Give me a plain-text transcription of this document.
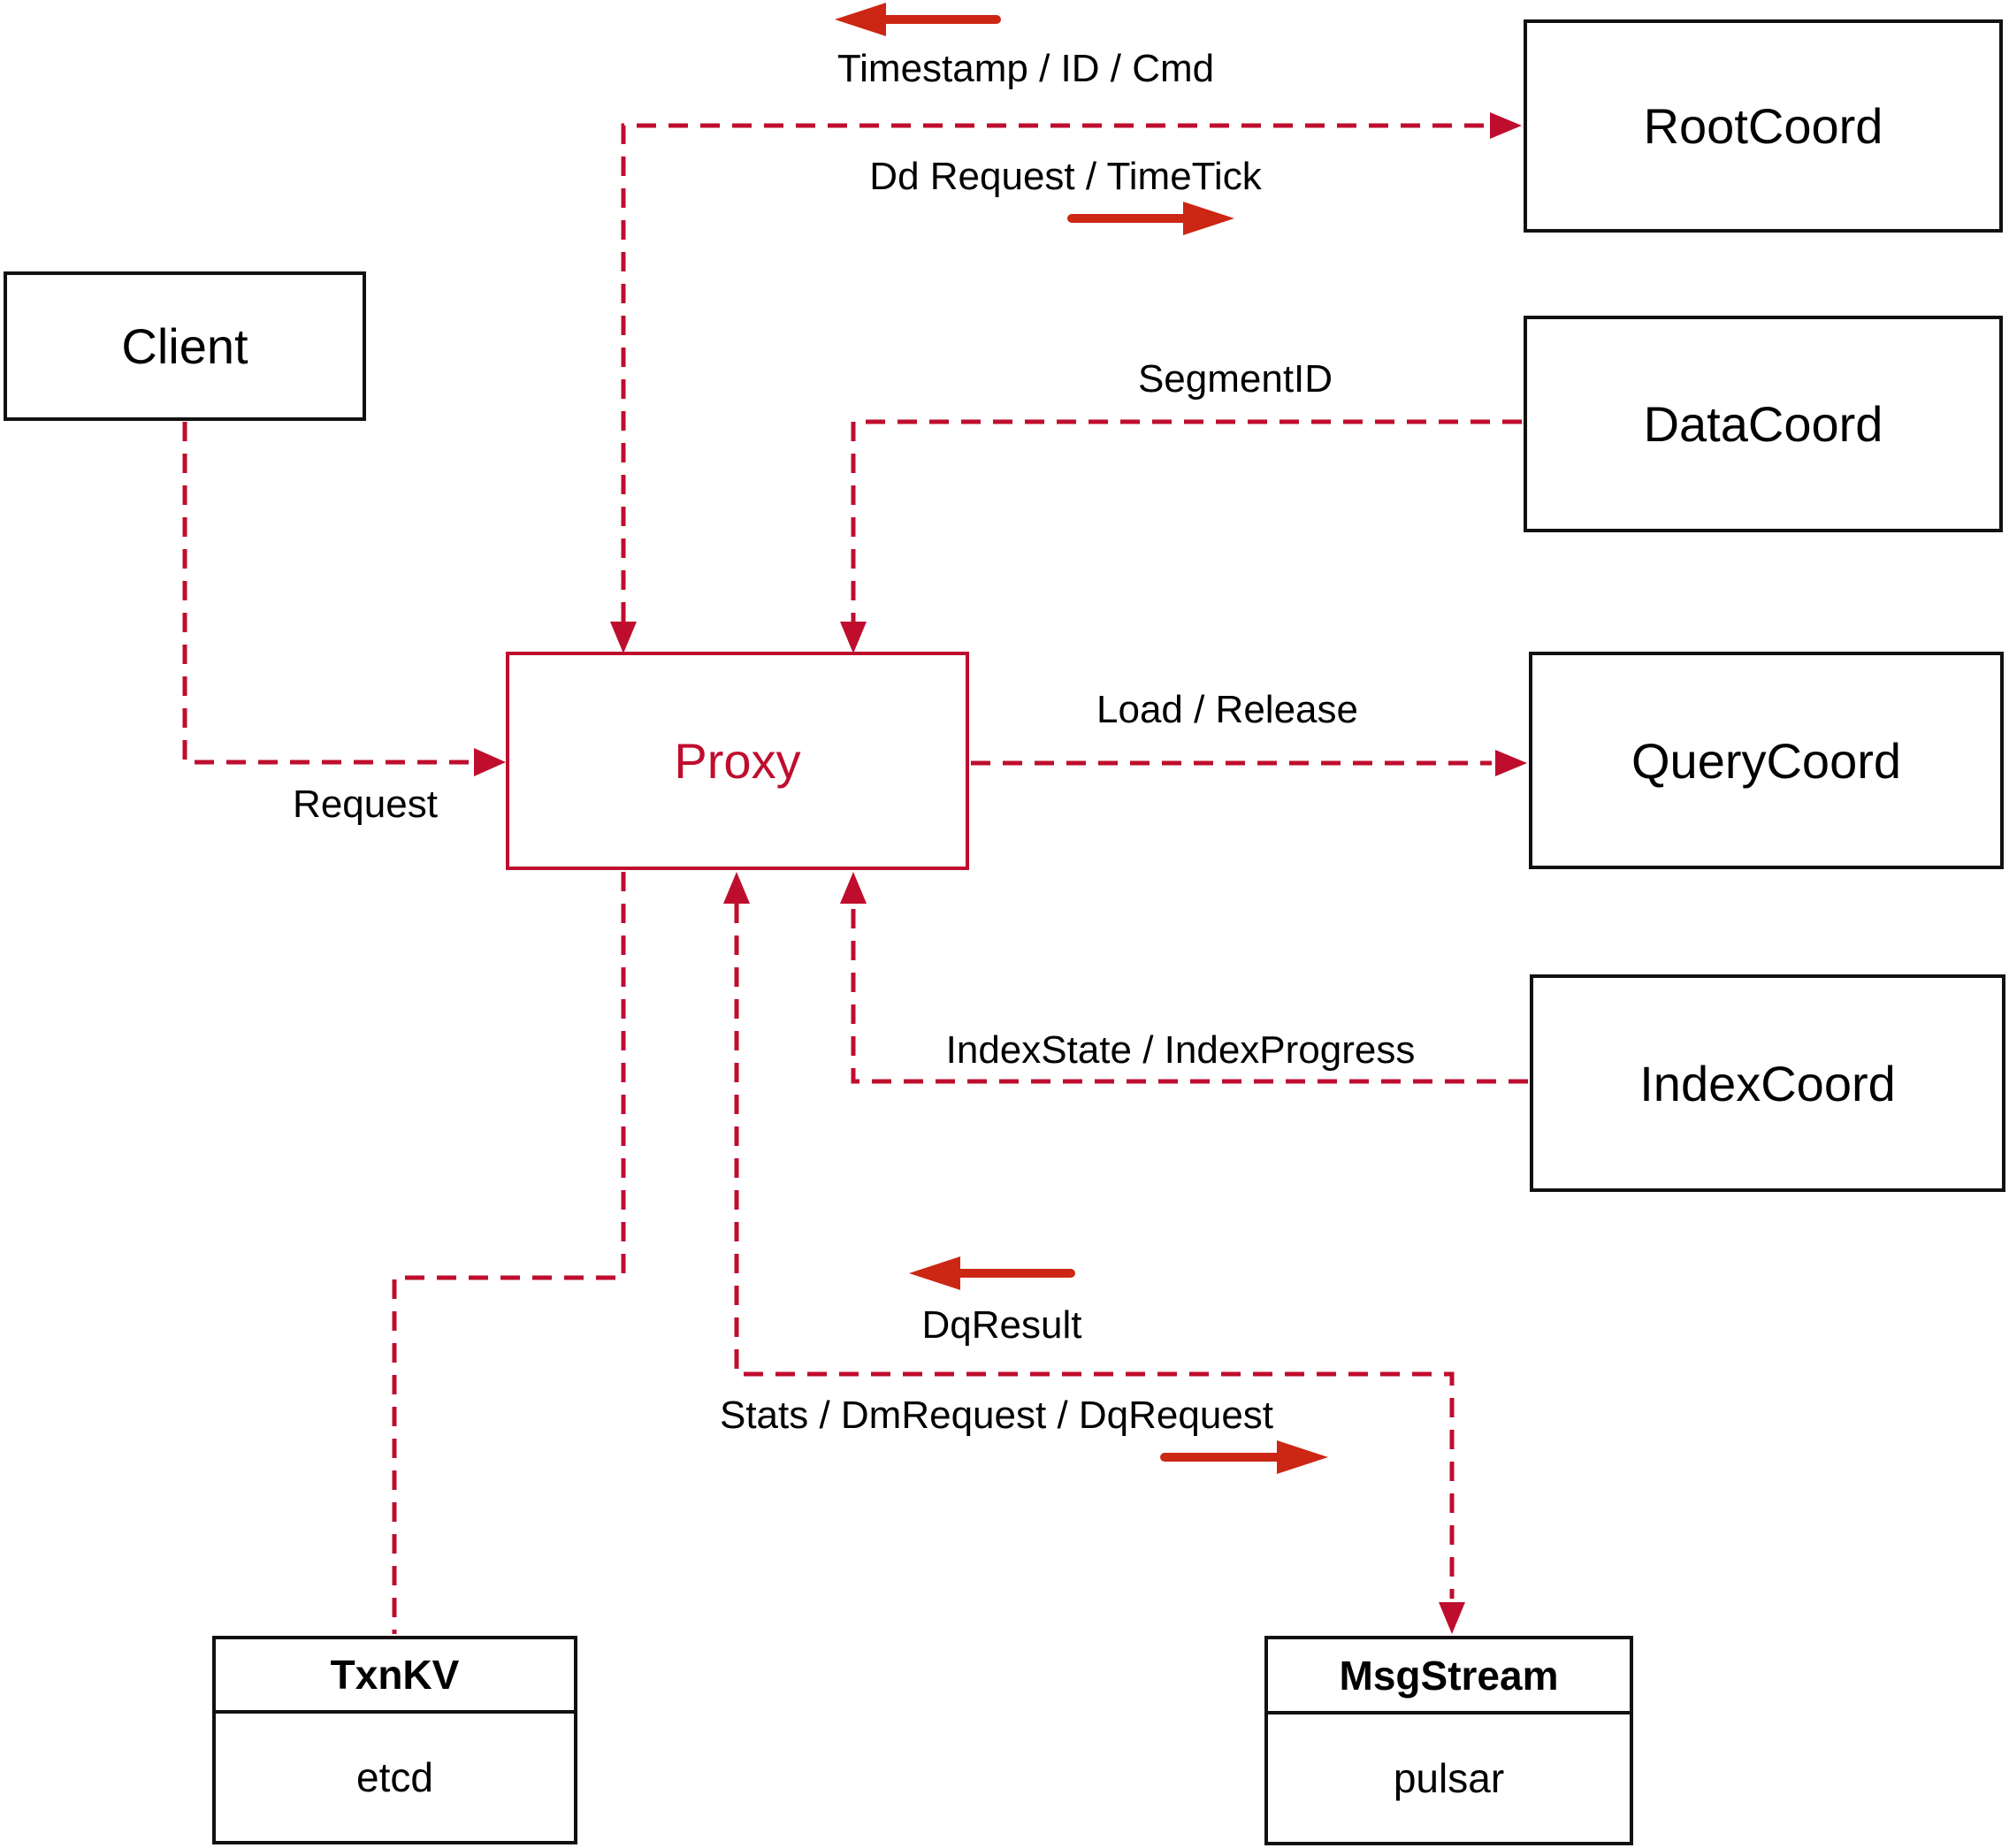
Client
Proxy
RootCoord
DataCoord
QueryCoord
IndexCoord
TxnKV
etcd
MsgStream
pulsar
Timestamp / ID / Cmd
Dd Request / TimeTick
SegmentID
Load / Release
Request
IndexState / IndexProgress
DqResult
Stats / DmRequest / DqRequest
